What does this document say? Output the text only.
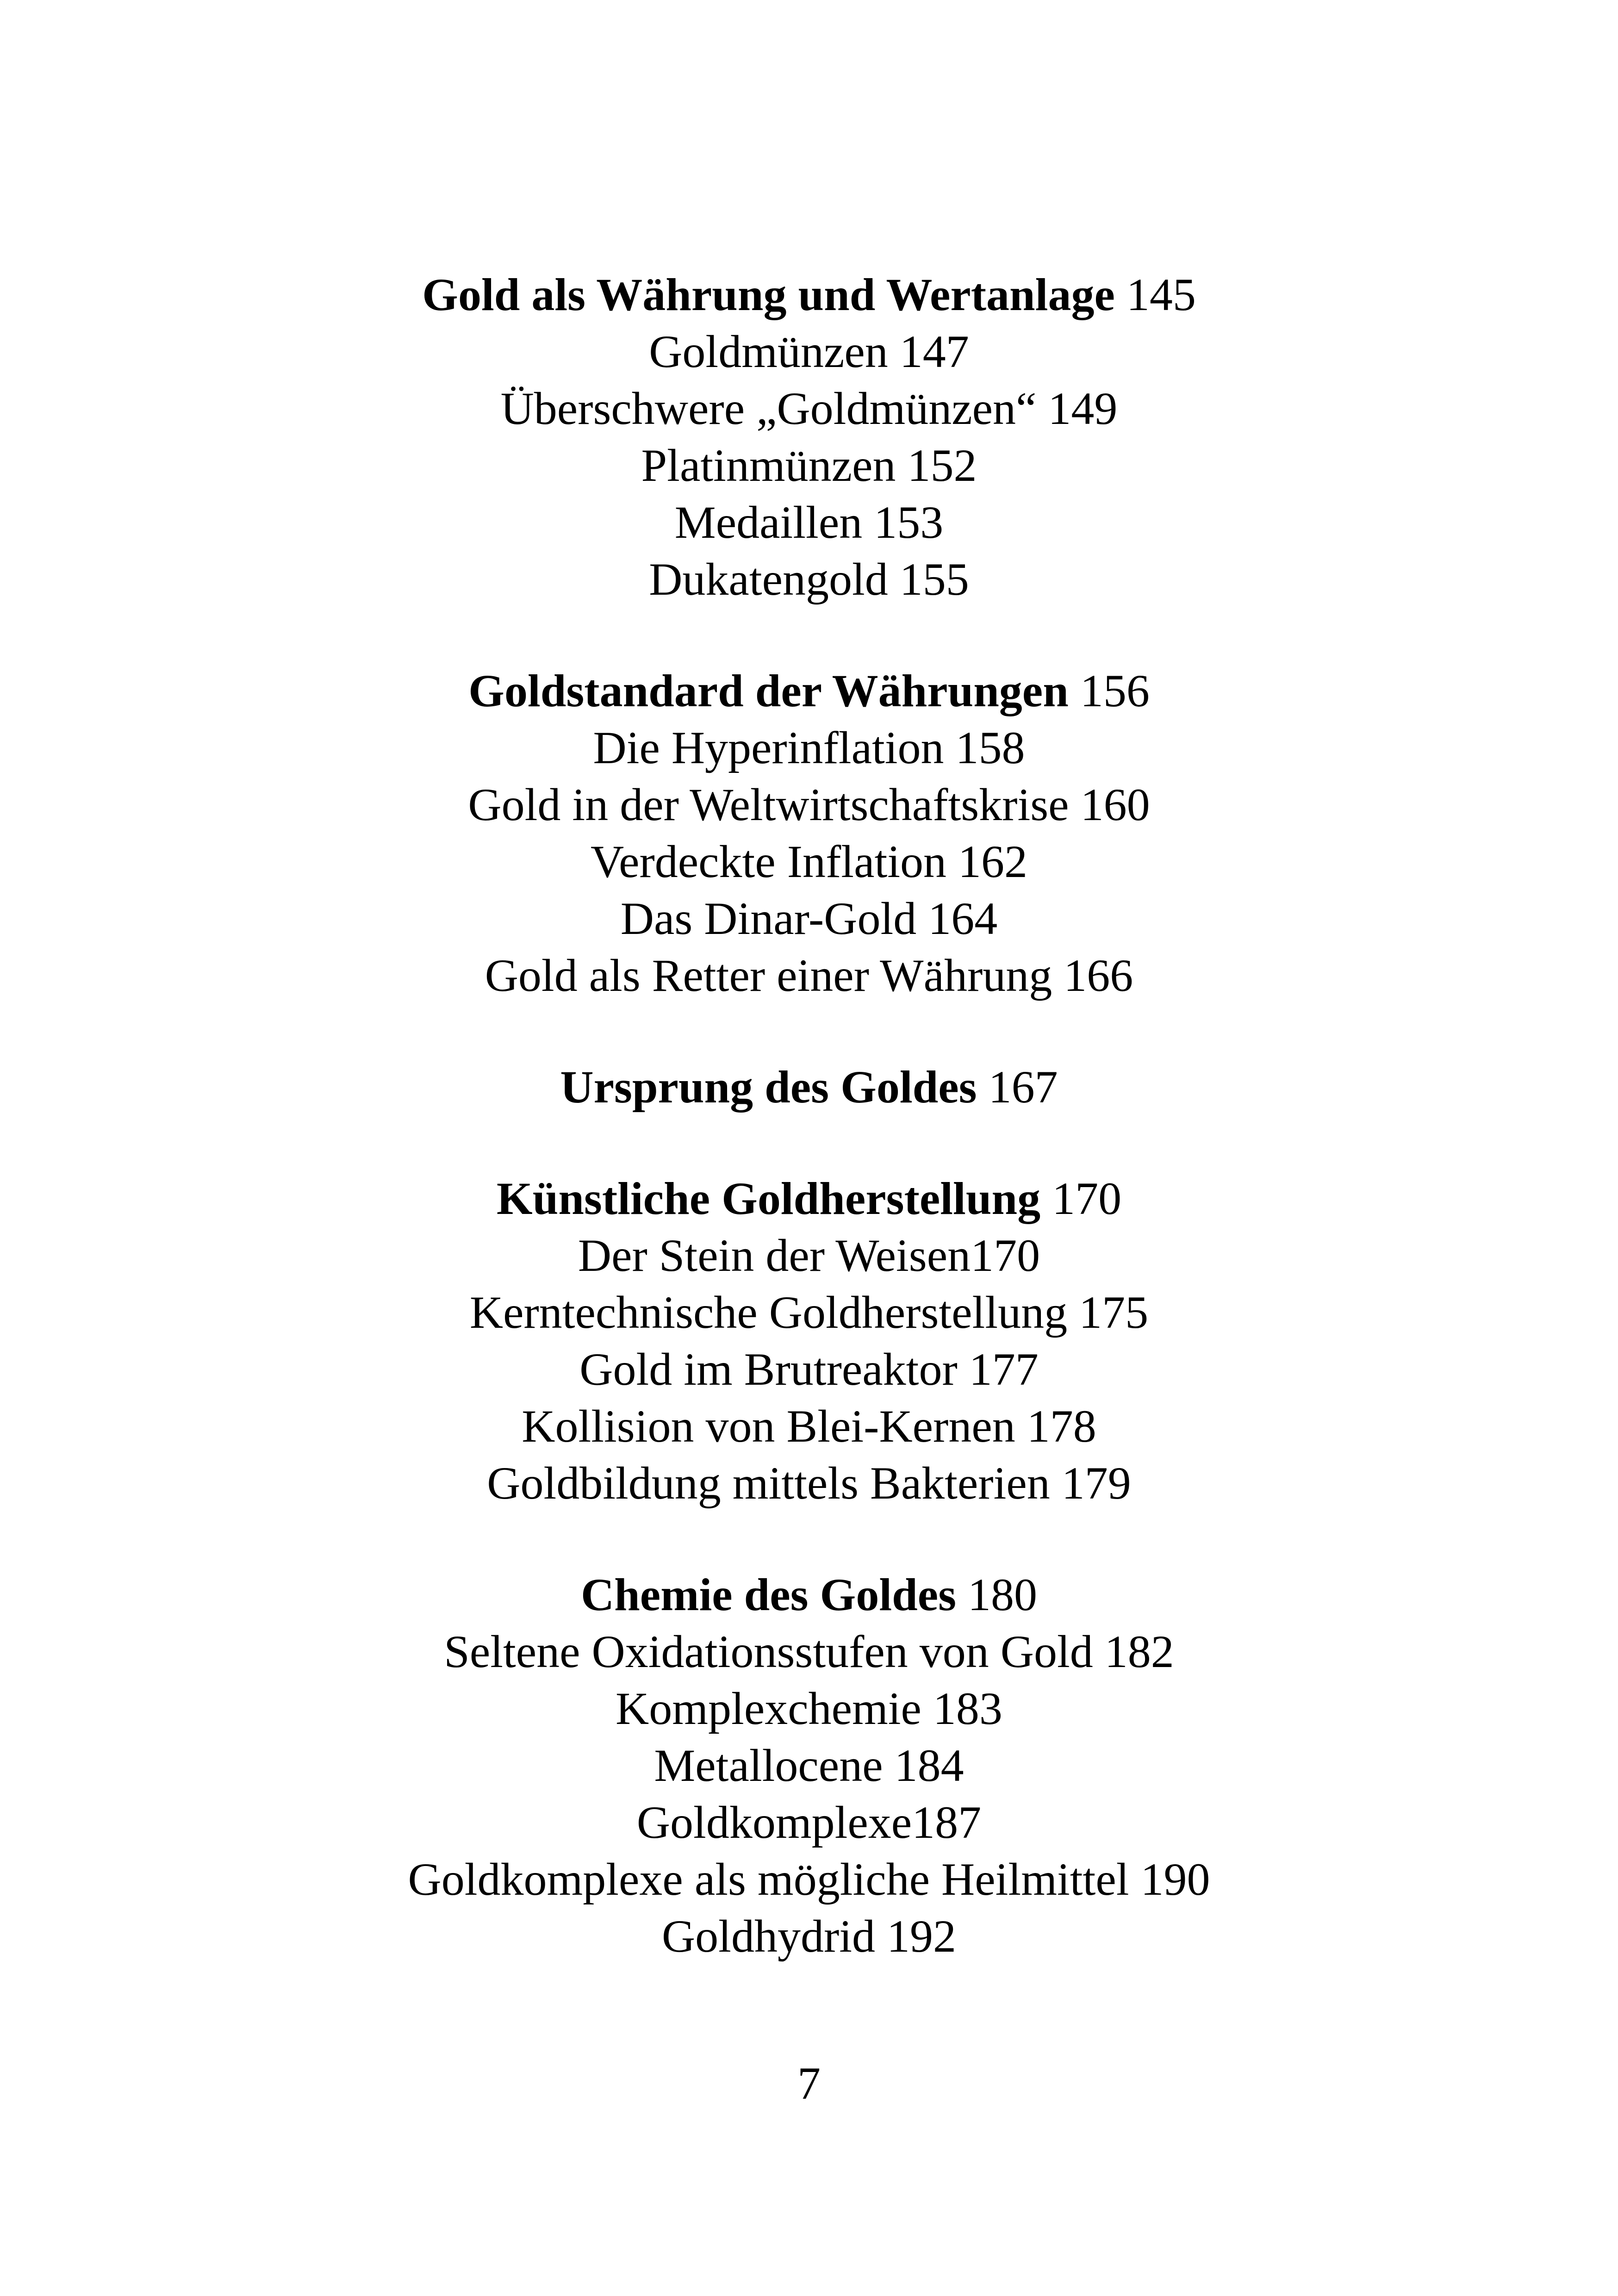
Gold als Währung und Wertanlage 145
Goldmünzen 147
Überschwere „Goldmünzen“ 149
Platinmünzen 152
Medaillen 153
Dukatengold 155
Goldstandard der Währungen 156
Die Hyperinflation 158
Gold in der Weltwirtschaftskrise 160
Verdeckte Inflation 162
Das Dinar-Gold 164
Gold als Retter einer Währung 166
Ursprung des Goldes 167
Künstliche Goldherstellung 170
Der Stein der Weisen170
Kerntechnische Goldherstellung 175
Gold im Brutreaktor 177
Kollision von Blei-Kernen 178
Goldbildung mittels Bakterien 179
Chemie des Goldes 180
Seltene Oxidationsstufen von Gold 182
Komplexchemie 183
Metallocene 184
Goldkomplexe187
Goldkomplexe als mögliche Heilmittel 190
Goldhydrid 192
7
